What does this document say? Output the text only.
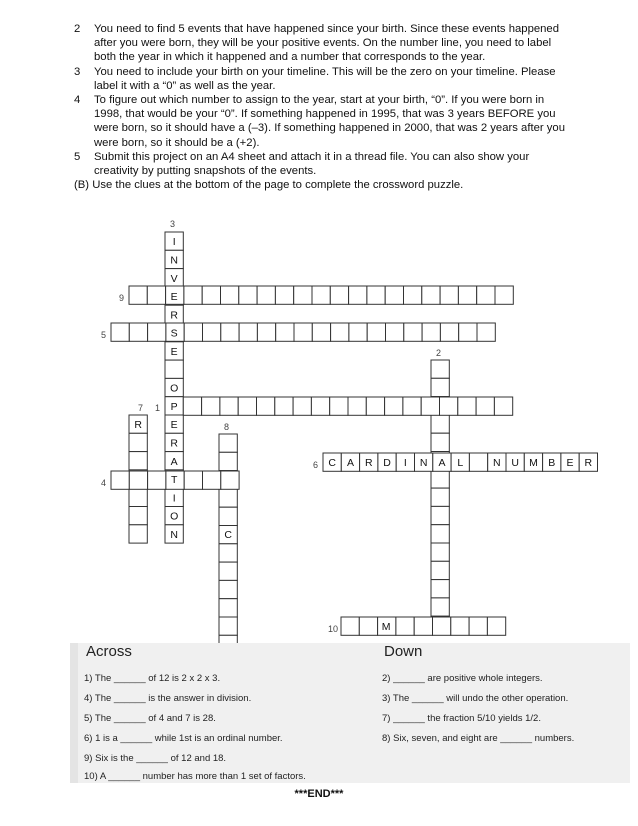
2 You need to find 5 events that have happened since your birth. Since these events happened after you were born, they will be your positive events. On the number line, you need to label both the year in which it happened and a number that corresponds to the year.
3 You need to include your birth on your timeline. This will be the zero on your timeline. Please label it with a “0” as well as the year.
4 To figure out which number to assign to the year, start at your birth, “0”. If you were born in 1998, that would be your “0”. If something happened in 1995, that was 3 years BEFORE you were born, so it should have a (–3). If something happened in 2000, that was 2 years after you were born, so it should be a (+2).
5 Submit this project on an A4 sheet and attach it in a thread file. You can also show your creativity by putting snapshots of the events.
(B) Use the clues at the bottom of the page to complete the crossword puzzle.
I
N
V
E
R
S
E
O
P
E
R
A
T
I
O
N
R
C
C A R D I N A L	N U M B E R
M
3
9
5
2
7 1
8
6
4
10
Across	Down
1) The ______ of 12 is 2 x 2 x 3.
4) The ______ is the answer in division.
5) The ______ of 4 and 7 is 28.
6) 1 is a ______ while 1st is an ordinal number.
9) Six is the ______ of 12 and 18.
10) A ______ number has more than 1 set of factors.
2) ______ are positive whole integers.
3) The ______ will undo the other operation.
7) ______ the fraction 5/10 yields 1/2.
8) Six, seven, and eight are ______ numbers.
***END***
